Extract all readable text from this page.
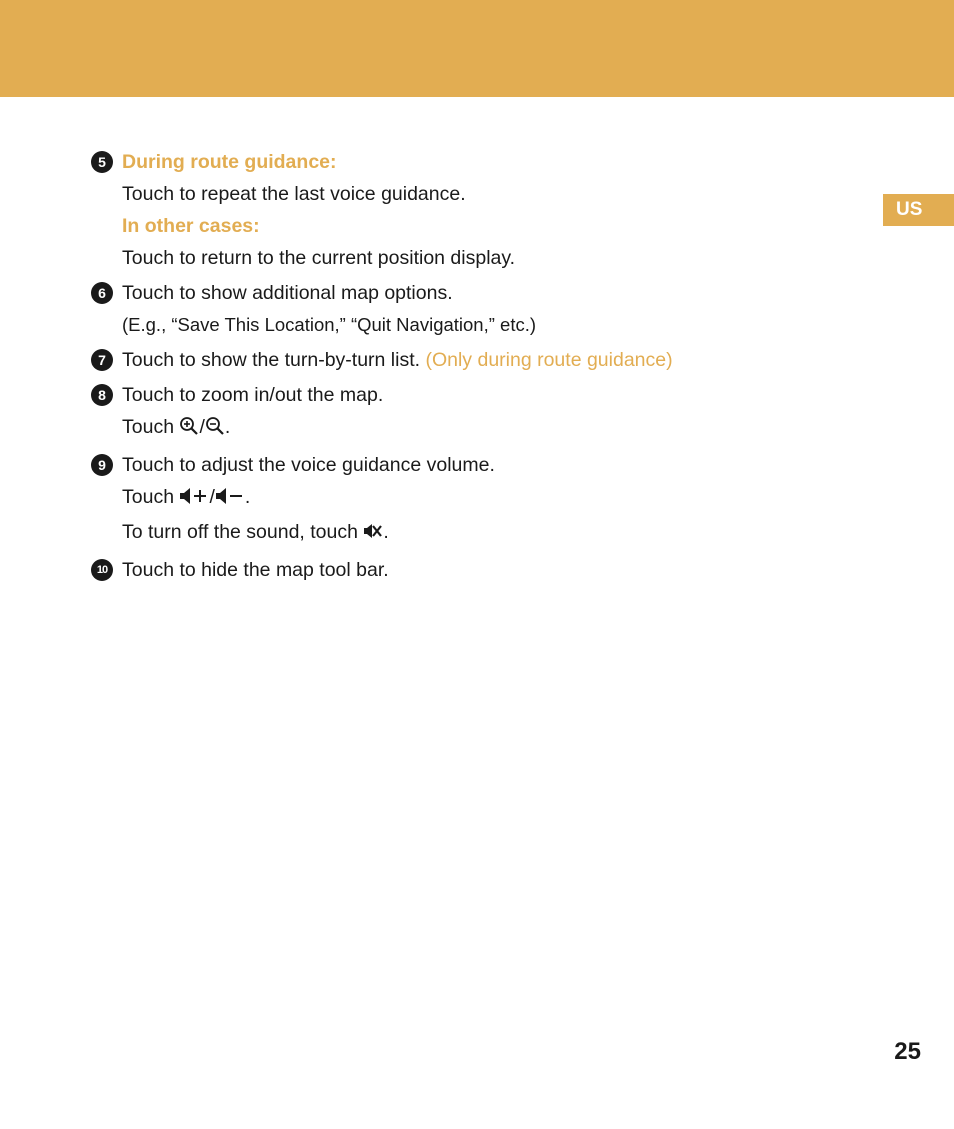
US
5 During route guidance:
Touch to repeat the last voice guidance.
In other cases:
Touch to return to the current position display.
6 Touch to show additional map options.
(E.g., “Save This Location,” “Quit Navigation,” etc.)
7 Touch to show the turn-by-turn list. (Only during route guidance)
8 Touch to zoom in/out the map.
Touch / .
9 Touch to adjust the voice guidance volume.
Touch / .
To turn off the sound, touch .
10 Touch to hide the map tool bar.
25
